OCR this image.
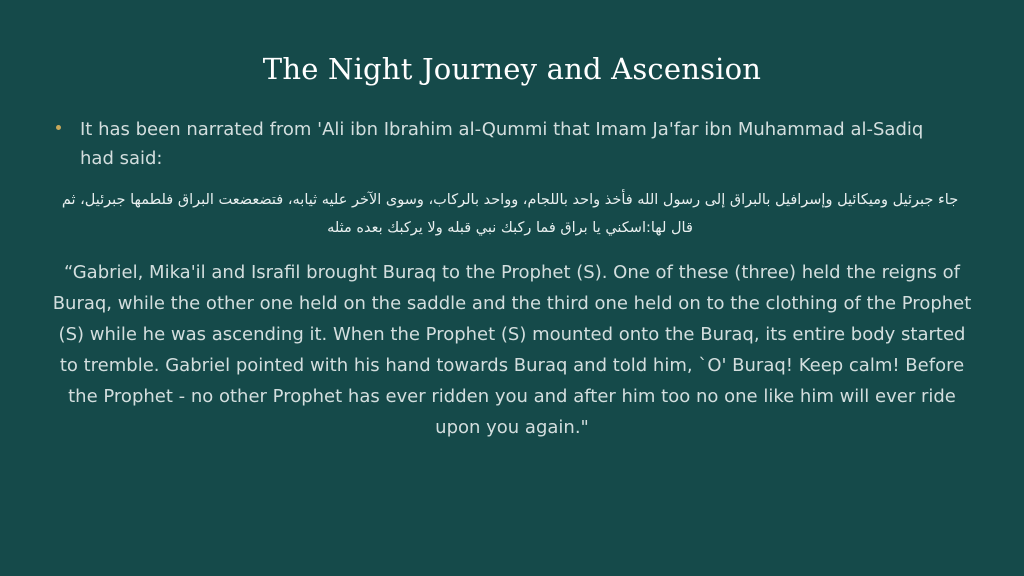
The Night Journey and Ascension
It has been narrated from 'Ali ibn Ibrahim al-Qummi that Imam Ja'far ibn Muhammad al-Sadiq had said:
جاء جبرئيل وميكائيل وإسرافيل بالبراق إلى رسول الله فأخذ واحد باللجام، وواحد بالركاب، وسوى الآخر عليه ثيابه، فتضعضعت البراق فلطمها جبرئيل، ثم قال لها:اسكني يا براق فما ركبك نبي قبله ولا يركبك بعده مثله
“Gabriel, Mika'il and Israfil brought Buraq to the Prophet (S). One of these (three) held the reigns of Buraq, while the other one held on the saddle and the third one held on to the clothing of the Prophet (S) while he was ascending it. When the Prophet (S) mounted onto the Buraq, its entire body started to tremble. Gabriel pointed with his hand towards Buraq and told him, `O' Buraq! Keep calm! Before the Prophet - no other Prophet has ever ridden you and after him too no one like him will ever ride upon you again."
